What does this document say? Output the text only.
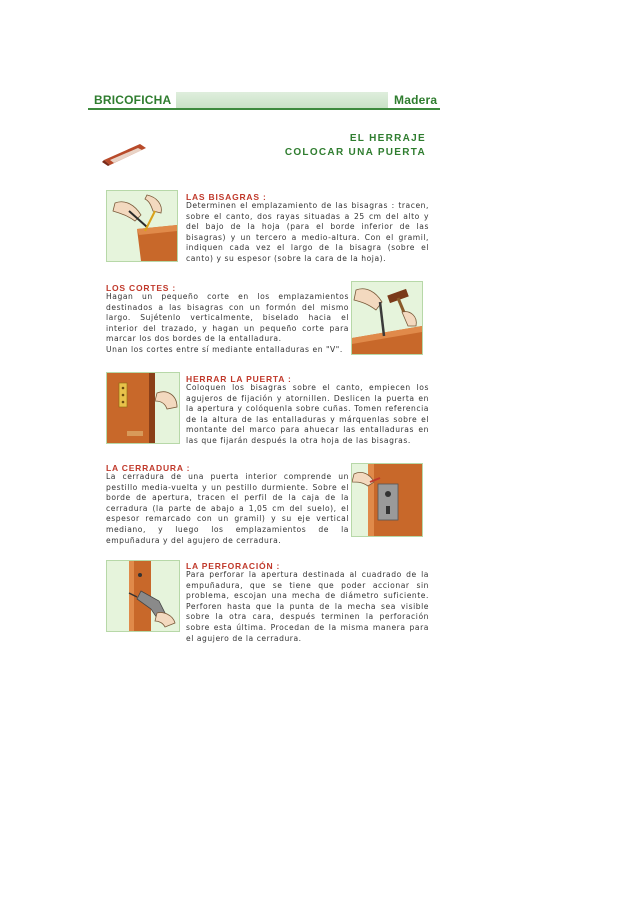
BRICOFICHA	Madera
EL HERRAJE
COLOCAR UNA PUERTA
LAS BISAGRAS :
Determinen el emplazamiento de las bisagras : tracen, sobre el canto, dos rayas situadas a 25 cm del alto y del bajo de la hoja (para el borde inferior de las bisagras) y un tercero a medio-altura. Con el gramil, indiquen cada vez el largo de la bisagra (sobre el canto) y su espesor (sobre la cara de la hoja).
LOS CORTES :
Hagan un pequeño corte en los emplazamientos destinados a las bisagras con un formón del mismo largo. Sujétenlo verticalmente, biselado hacia el interior del trazado, y hagan un pequeño corte para marcar los dos bordes de la entalladura.
Unan los cortes entre sí mediante entalladuras en "V".
HERRAR LA PUERTA :
Coloquen los bisagras sobre el canto, empiecen los agujeros de fijación y atornillen. Deslicen la puerta en la apertura y colóquenla sobre cuñas. Tomen referencia de la altura de las entalladuras y márquenlas sobre el montante del marco para ahuecar las entalladuras en las que fijarán después la otra hoja de las bisagras.
LA CERRADURA :
La cerradura de una puerta interior comprende un pestillo media-vuelta y un pestillo durmiente. Sobre el borde de apertura, tracen el perfil de la caja de la cerradura (la parte de abajo a 1,05 cm del suelo), el espesor remarcado con un gramil) y su eje vertical mediano, y luego los emplazamientos de la empuñadura y del agujero de cerradura.
LA PERFORACIÓN :
Para perforar la apertura destinada al cuadrado de la empuñadura, que se tiene que poder accionar sin problema, escojan una mecha de diámetro suficiente. Perforen hasta que la punta de la mecha sea visible sobre la otra cara, después terminen la perforación sobre esta última. Procedan de la misma manera para el agujero de la cerradura.
